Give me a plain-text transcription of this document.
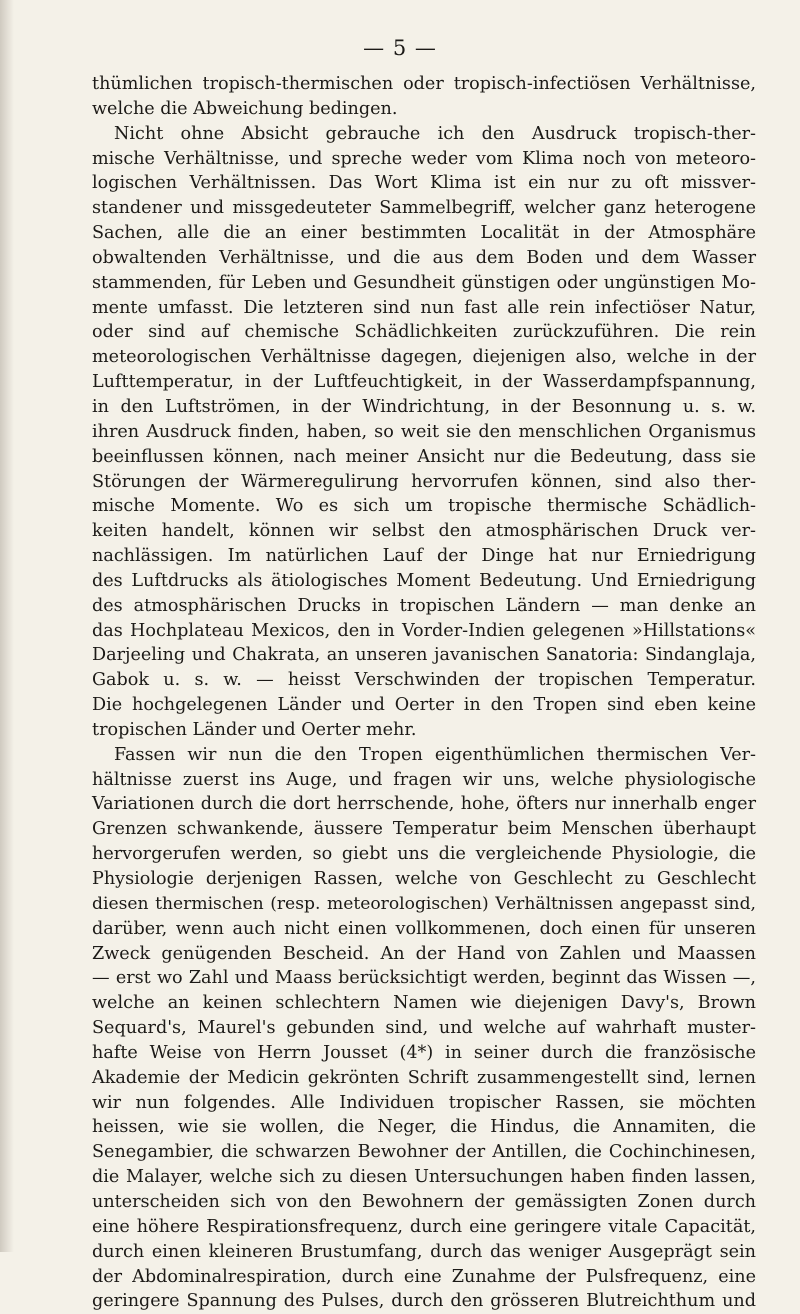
— 5 —
thümlichen tropisch-thermischen oder tropisch-infectiösen Verhältnisse,
welche die Abweichung bedingen.
Nicht ohne Absicht gebrauche ich den Ausdruck tropisch-ther-
mische Verhältnisse, und spreche weder vom Klima noch von meteoro-
logischen Verhältnissen. Das Wort Klima ist ein nur zu oft missver-
standener und missgedeuteter Sammelbegriff, welcher ganz heterogene
Sachen, alle die an einer bestimmten Localität in der Atmosphäre
obwaltenden Verhältnisse, und die aus dem Boden und dem Wasser
stammenden, für Leben und Gesundheit günstigen oder ungünstigen Mo-
mente umfasst. Die letzteren sind nun fast alle rein infectiöser Natur,
oder sind auf chemische Schädlichkeiten zurückzuführen. Die rein
meteorologischen Verhältnisse dagegen, diejenigen also, welche in der
Lufttemperatur, in der Luftfeuchtigkeit, in der Wasserdampfspannung,
in den Luftströmen, in der Windrichtung, in der Besonnung u. s. w.
ihren Ausdruck finden, haben, so weit sie den menschlichen Organismus
beeinflussen können, nach meiner Ansicht nur die Bedeutung, dass sie
Störungen der Wärmeregulirung hervorrufen können, sind also ther-
mische Momente. Wo es sich um tropische thermische Schädlich-
keiten handelt, können wir selbst den atmosphärischen Druck ver-
nachlässigen. Im natürlichen Lauf der Dinge hat nur Erniedrigung
des Luftdrucks als ätiologisches Moment Bedeutung. Und Erniedrigung
des atmosphärischen Drucks in tropischen Ländern — man denke an
das Hochplateau Mexicos, den in Vorder-Indien gelegenen »Hillstations«
Darjeeling und Chakrata, an unseren javanischen Sanatoria: Sindanglaja,
Gabok u. s. w. — heisst Verschwinden der tropischen Temperatur.
Die hochgelegenen Länder und Oerter in den Tropen sind eben keine
tropischen Länder und Oerter mehr.
Fassen wir nun die den Tropen eigenthümlichen thermischen Ver-
hältnisse zuerst ins Auge, und fragen wir uns, welche physiologische
Variationen durch die dort herrschende, hohe, öfters nur innerhalb enger
Grenzen schwankende, äussere Temperatur beim Menschen überhaupt
hervorgerufen werden, so giebt uns die vergleichende Physiologie, die
Physiologie derjenigen Rassen, welche von Geschlecht zu Geschlecht
diesen thermischen (resp. meteorologischen) Verhältnissen angepasst sind,
darüber, wenn auch nicht einen vollkommenen, doch einen für unseren
Zweck genügenden Bescheid. An der Hand von Zahlen und Maassen
— erst wo Zahl und Maass berücksichtigt werden, beginnt das Wissen —,
welche an keinen schlechtern Namen wie diejenigen Davy's, Brown
Sequard's, Maurel's gebunden sind, und welche auf wahrhaft muster-
hafte Weise von Herrn Jousset (4*) in seiner durch die französische
Akademie der Medicin gekrönten Schrift zusammengestellt sind, lernen
wir nun folgendes. Alle Individuen tropischer Rassen, sie möchten
heissen, wie sie wollen, die Neger, die Hindus, die Annamiten, die
Senegambier, die schwarzen Bewohner der Antillen, die Cochinchinesen,
die Malayer, welche sich zu diesen Untersuchungen haben finden lassen,
unterscheiden sich von den Bewohnern der gemässigten Zonen durch
eine höhere Respirationsfrequenz, durch eine geringere vitale Capacität,
durch einen kleineren Brustumfang, durch das weniger Ausgeprägt sein
der Abdominalrespiration, durch eine Zunahme der Pulsfrequenz, eine
geringere Spannung des Pulses, durch den grösseren Blutreichthum und
